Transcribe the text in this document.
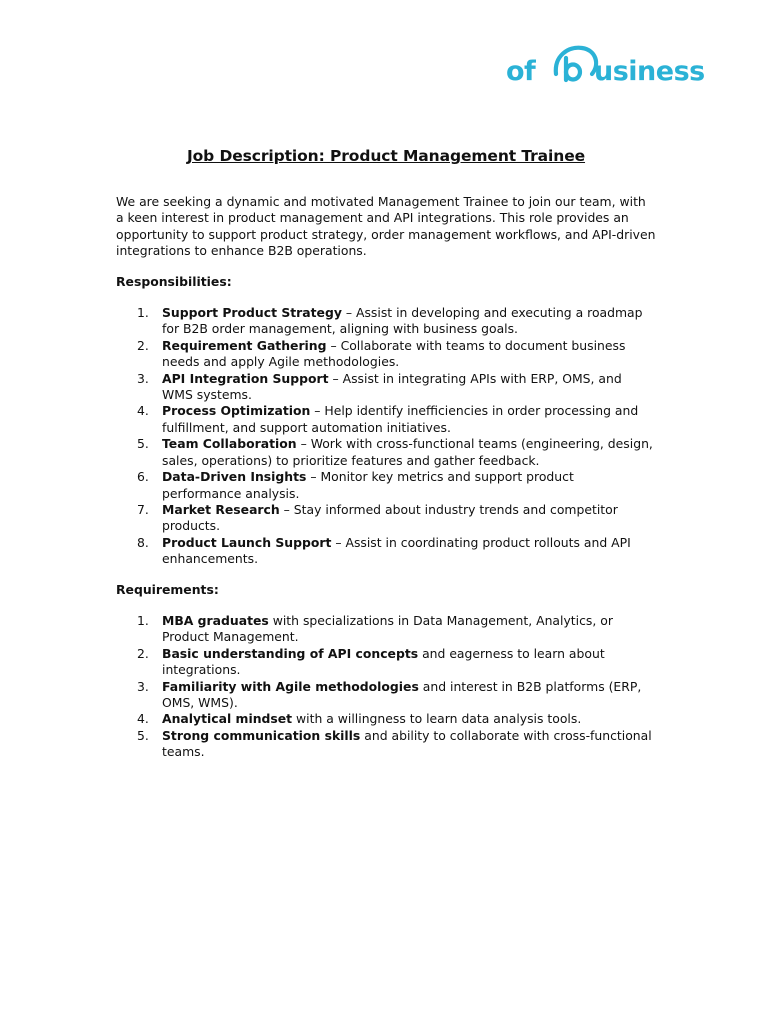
of usiness
Job Description: Product Management Trainee

We are seeking a dynamic and motivated Management Trainee to join our team, with a keen interest in product management and API integrations. This role provides an opportunity to support product strategy, order management workflows, and API-driven integrations to enhance B2B operations.

Responsibilities:
1. Support Product Strategy – Assist in developing and executing a roadmap for B2B order management, aligning with business goals.
2. Requirement Gathering – Collaborate with teams to document business needs and apply Agile methodologies.
3. API Integration Support – Assist in integrating APIs with ERP, OMS, and WMS systems.
4. Process Optimization – Help identify inefficiencies in order processing and fulfillment, and support automation initiatives.
5. Team Collaboration – Work with cross-functional teams (engineering, design, sales, operations) to prioritize features and gather feedback.
6. Data-Driven Insights – Monitor key metrics and support product performance analysis.
7. Market Research – Stay informed about industry trends and competitor products.
8. Product Launch Support – Assist in coordinating product rollouts and API enhancements.
Requirements:
1. MBA graduates with specializations in Data Management, Analytics, or Product Management.
2. Basic understanding of API concepts and eagerness to learn about integrations.
3. Familiarity with Agile methodologies and interest in B2B platforms (ERP, OMS, WMS).
4. Analytical mindset with a willingness to learn data analysis tools.
5. Strong communication skills and ability to collaborate with cross-functional teams.
